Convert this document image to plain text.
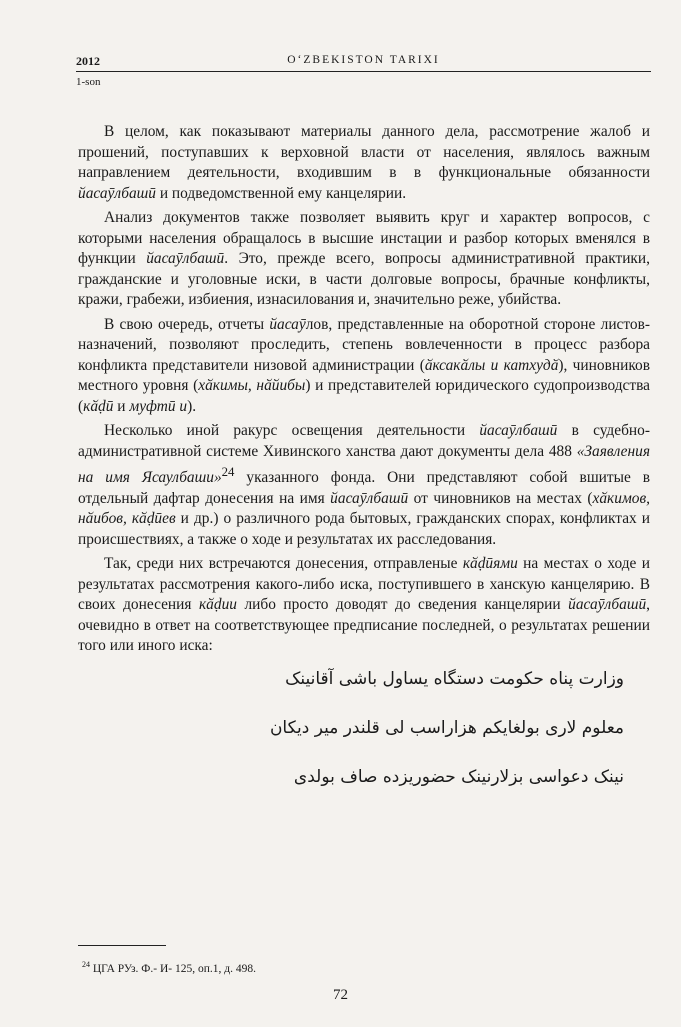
2012	O‘ZBEKISTON TARIXI
1-son

В целом, как показывают материалы данного дела, рассмотрение жалоб и прошений, поступавших к верховной власти от населения, являлось важным направлением деятельности, входившим в в функциональные обязанности йасаӯлбашӣ и подведомственной ему канцелярии.

Анализ документов также позволяет выявить круг и характер вопросов, с которыми населения обращалось в высшие инстации и разбор которых вменялся в функции йасаӯлбашӣ. Это, прежде всего, вопросы административной практики, гражданские и уголовные иски, в части долговые вопросы, брачные конфликты, кражи, грабежи, избиения, изнасилования и, значительно реже, убийства.

В свою очередь, отчеты йасаӯлов, представленные на оборотной стороне листов- назначений, позволяют проследить, степень вовлеченности в процесс разбора конфликта представители низовой администрации (ӑксакӑлы и катхудӑ), чиновников местного уровня (хӑкимы, нӑйибы) и представителей юридического судопроизводства (кӑḍӣ и муфтӣ и).

Несколько иной ракурс освещения деятельности йасаӯлбашӣ в судебно- административной системе Хивинского ханства дают документы дела 488 «Заявления на имя Ясаулбаши»$^{24}$ указанного фонда. Они представляют собой вшитые в отдельный дафтар донесения на имя йасаӯлбашӣ от чиновников на местах (хӑкимов, нӑибов, кӑḍӣев и др.) о различного рода бытовых, гражданских спорах, конфликтах и происшествиях, а также о ходе и результатах их расследования.

Так, среди них встречаются донесения, отправленые кӑḍӣями на местах о ходе и результатах рассмотрения какого-либо иска, поступившего в ханскую канцелярию. В своих донесения кӑḍии либо просто доводят до сведения канцелярии йасаӯлбашӣ, очевидно в ответ на соответствующее предписание последней, о результатах решении того или иного иска:

وزارت پناه حکومت دستگاه یساول باشی آقانینک

معلوم لاری بولغایکم هزاراسب لی قلندر میر دیکان

نینک دعواسی بزلارنینک حضوریزده صاف بولدی

$^{24}$ ЦГА РУз. Ф.- И- 125, оп.1, д. 498.
72
